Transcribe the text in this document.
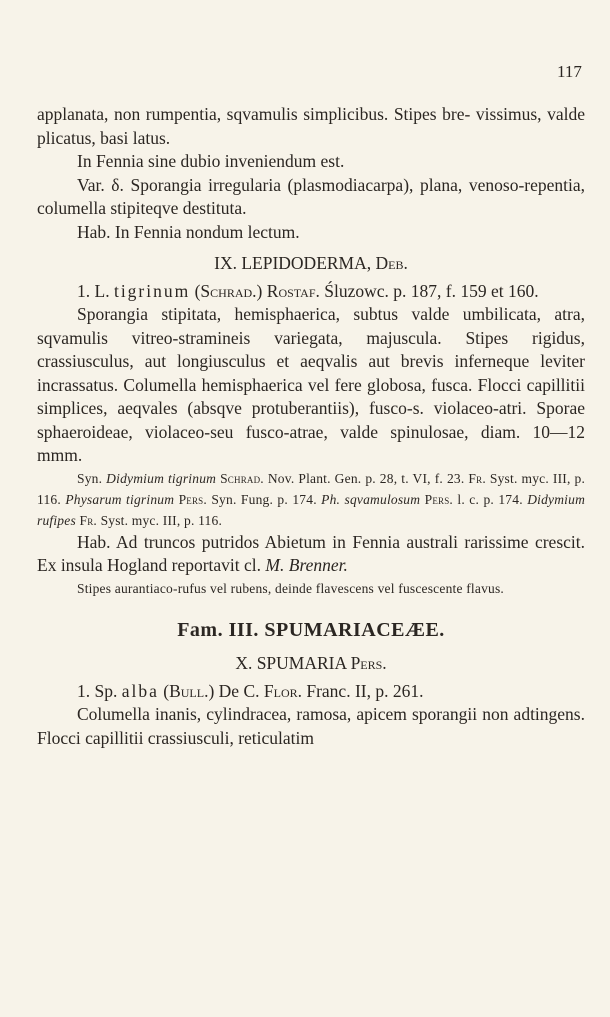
117

applanata, non rumpentia, sqvamulis simplicibus. Stipes bre- vissimus, valde plicatus, basi latus.

In Fennia sine dubio inveniendum est.

Var. δ. Sporangia irregularia (plasmodiacarpa), plana, venoso-repentia, columella stipiteqve destituta.

Hab. In Fennia nondum lectum.

IX. LEPIDODERMA, Deb.

1. L. tigrinum (Schrad.) Rostaf. Śluzowc. p. 187, f. 159 et 160.

Sporangia stipitata, hemisphaerica, subtus valde umbilicata, atra, sqvamulis vitreo-stramineis variegata, majuscula. Stipes rigidus, crassiusculus, aut longiusculus et aeqvalis aut brevis inferneque leviter incrassatus. Columella hemisphaerica vel fere globosa, fusca. Flocci capillitii simplices, aeqvales (absqve protuberantiis), fusco-s. violaceo-atri. Sporae sphaeroideae, violaceo-seu fusco-atrae, valde spinulosae, diam. 10—12 mmm.

Syn. Didymium tigrinum Schrad. Nov. Plant. Gen. p. 28, t. VI, f. 23. Fr. Syst. myc. III, p. 116. Physarum tigrinum Pers. Syn. Fung. p. 174. Ph. sqvamulosum Pers. l. c. p. 174. Didymium rufipes Fr. Syst. myc. III, p. 116.

Hab. Ad truncos putridos Abietum in Fennia australi rarissime crescit. Ex insula Hogland reportavit cl. M. Brenner.

Stipes aurantiaco-rufus vel rubens, deinde flavescens vel fuscescente flavus.

Fam. III. SPUMARIACEÆE.

X. SPUMARIA Pers.

1. Sp. alba (Bull.) De C. Flor. Franc. II, p. 261.

Columella inanis, cylindracea, ramosa, apicem sporangii non adtingens. Flocci capillitii crassiusculi, reticulatim
